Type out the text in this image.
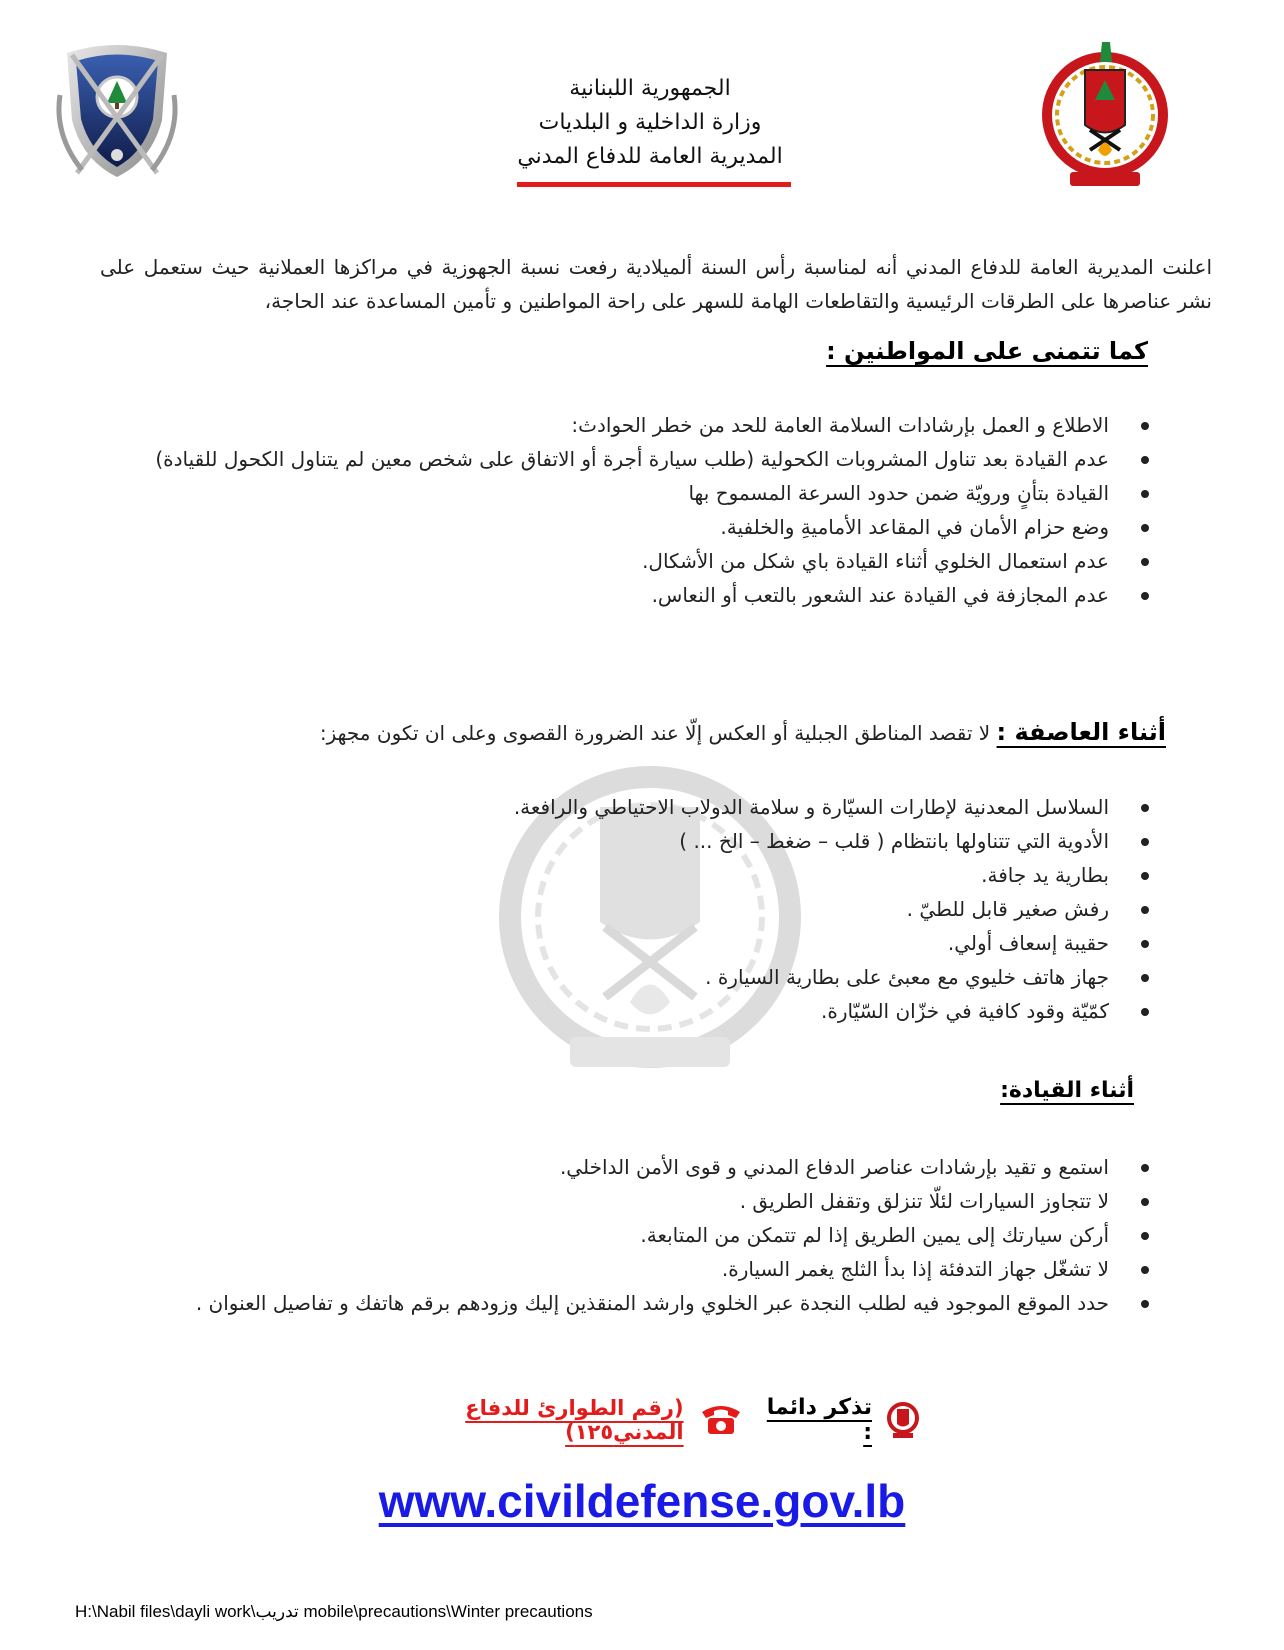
الجمهورية اللبنانية
وزارة الداخلية و البلديات
المديرية العامة للدفاع المدني
اعلنت المديرية العامة للدفاع المدني أنه لمناسبة رأس السنة ألميلادية رفعت نسبة الجهوزية في مراكزها العملانية حيث ستعمل على نشر عناصرها على الطرقات الرئيسية والتقاطعات الهامة للسهر على راحة المواطنين و تأمين المساعدة عند الحاجة،
كما تتمنى على المواطنين :
الاطلاع و العمل بإرشادات السلامة العامة للحد من خطر الحوادث:
عدم القيادة بعد تناول المشروبات الكحولية (طلب سيارة أجرة أو الاتفاق على شخص معين لم يتناول الكحول للقيادة)
القيادة بتأنٍ ورويّة ضمن حدود السرعة المسموح بها
وضع حزام الأمان في المقاعد الأماميةِ والخلفية.
عدم استعمال الخلوي أثناء القيادة باي شكل من الأشكال.
عدم المجازفة في القيادة عند الشعور بالتعب أو النعاس.
أثناء العاصفة : لا تقصد المناطق الجبلية أو العكس إلّا عند الضرورة القصوى وعلى ان تكون مجهز:
السلاسل المعدنية لإطارات السيّارة و سلامة الدولاب الاحتياطي والرافعة.
الأدوية التي تتناولها بانتظام ( قلب – ضغط – الخ ... )
بطارية يد جافة.
رفش صغير قابل للطيّ .
حقيبة إسعاف أولي.
جهاز هاتف خليوي مع معبئ على بطارية السيارة .
كمّيّة وقود كافية في خزّان السّيّارة.
أثناء القيادة:
استمع و تقيد بإرشادات عناصر الدفاع المدني و قوى الأمن الداخلي.
لا تتجاوز السيارات لئلّا تنزلق وتقفل الطريق .
أركن سيارتك إلى يمين الطريق إذا لم تتمكن من المتابعة.
لا تشغّل جهاز التدفئة إذا بدأ الثلج يغمر السيارة.
حدد الموقع الموجود فيه لطلب النجدة عبر الخلوي وارشد المنقذين إليك وزودهم برقم هاتفك و تفاصيل العنوان .
تذكر دائما :
(رقم الطوارئ للدفاع المدني١٢٥)
www.civildefense.gov.lb
H:\Nabil files\dayli work\تدريب mobile\precautions\Winter precautions
